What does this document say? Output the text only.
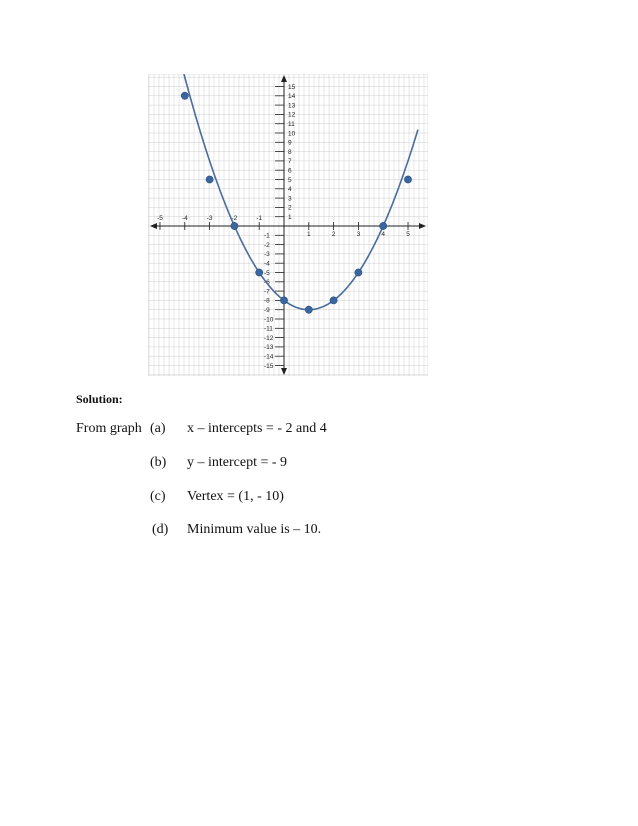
-5	-4	-3	-2	-1
1	2	3	4	5
15
14
13
12
11
10
9
8
7
6
5
4
3
2
1
-1
-2
-3
-4
-5
-6
-7
-8
-9
-10
-11
-12
-13
-14
-15
Solution:
From graph (a) x – intercepts = - 2 and 4
(b) y – intercept = - 9
(c) Vertex = (1, - 10)
(d) Minimum value is – 10.
